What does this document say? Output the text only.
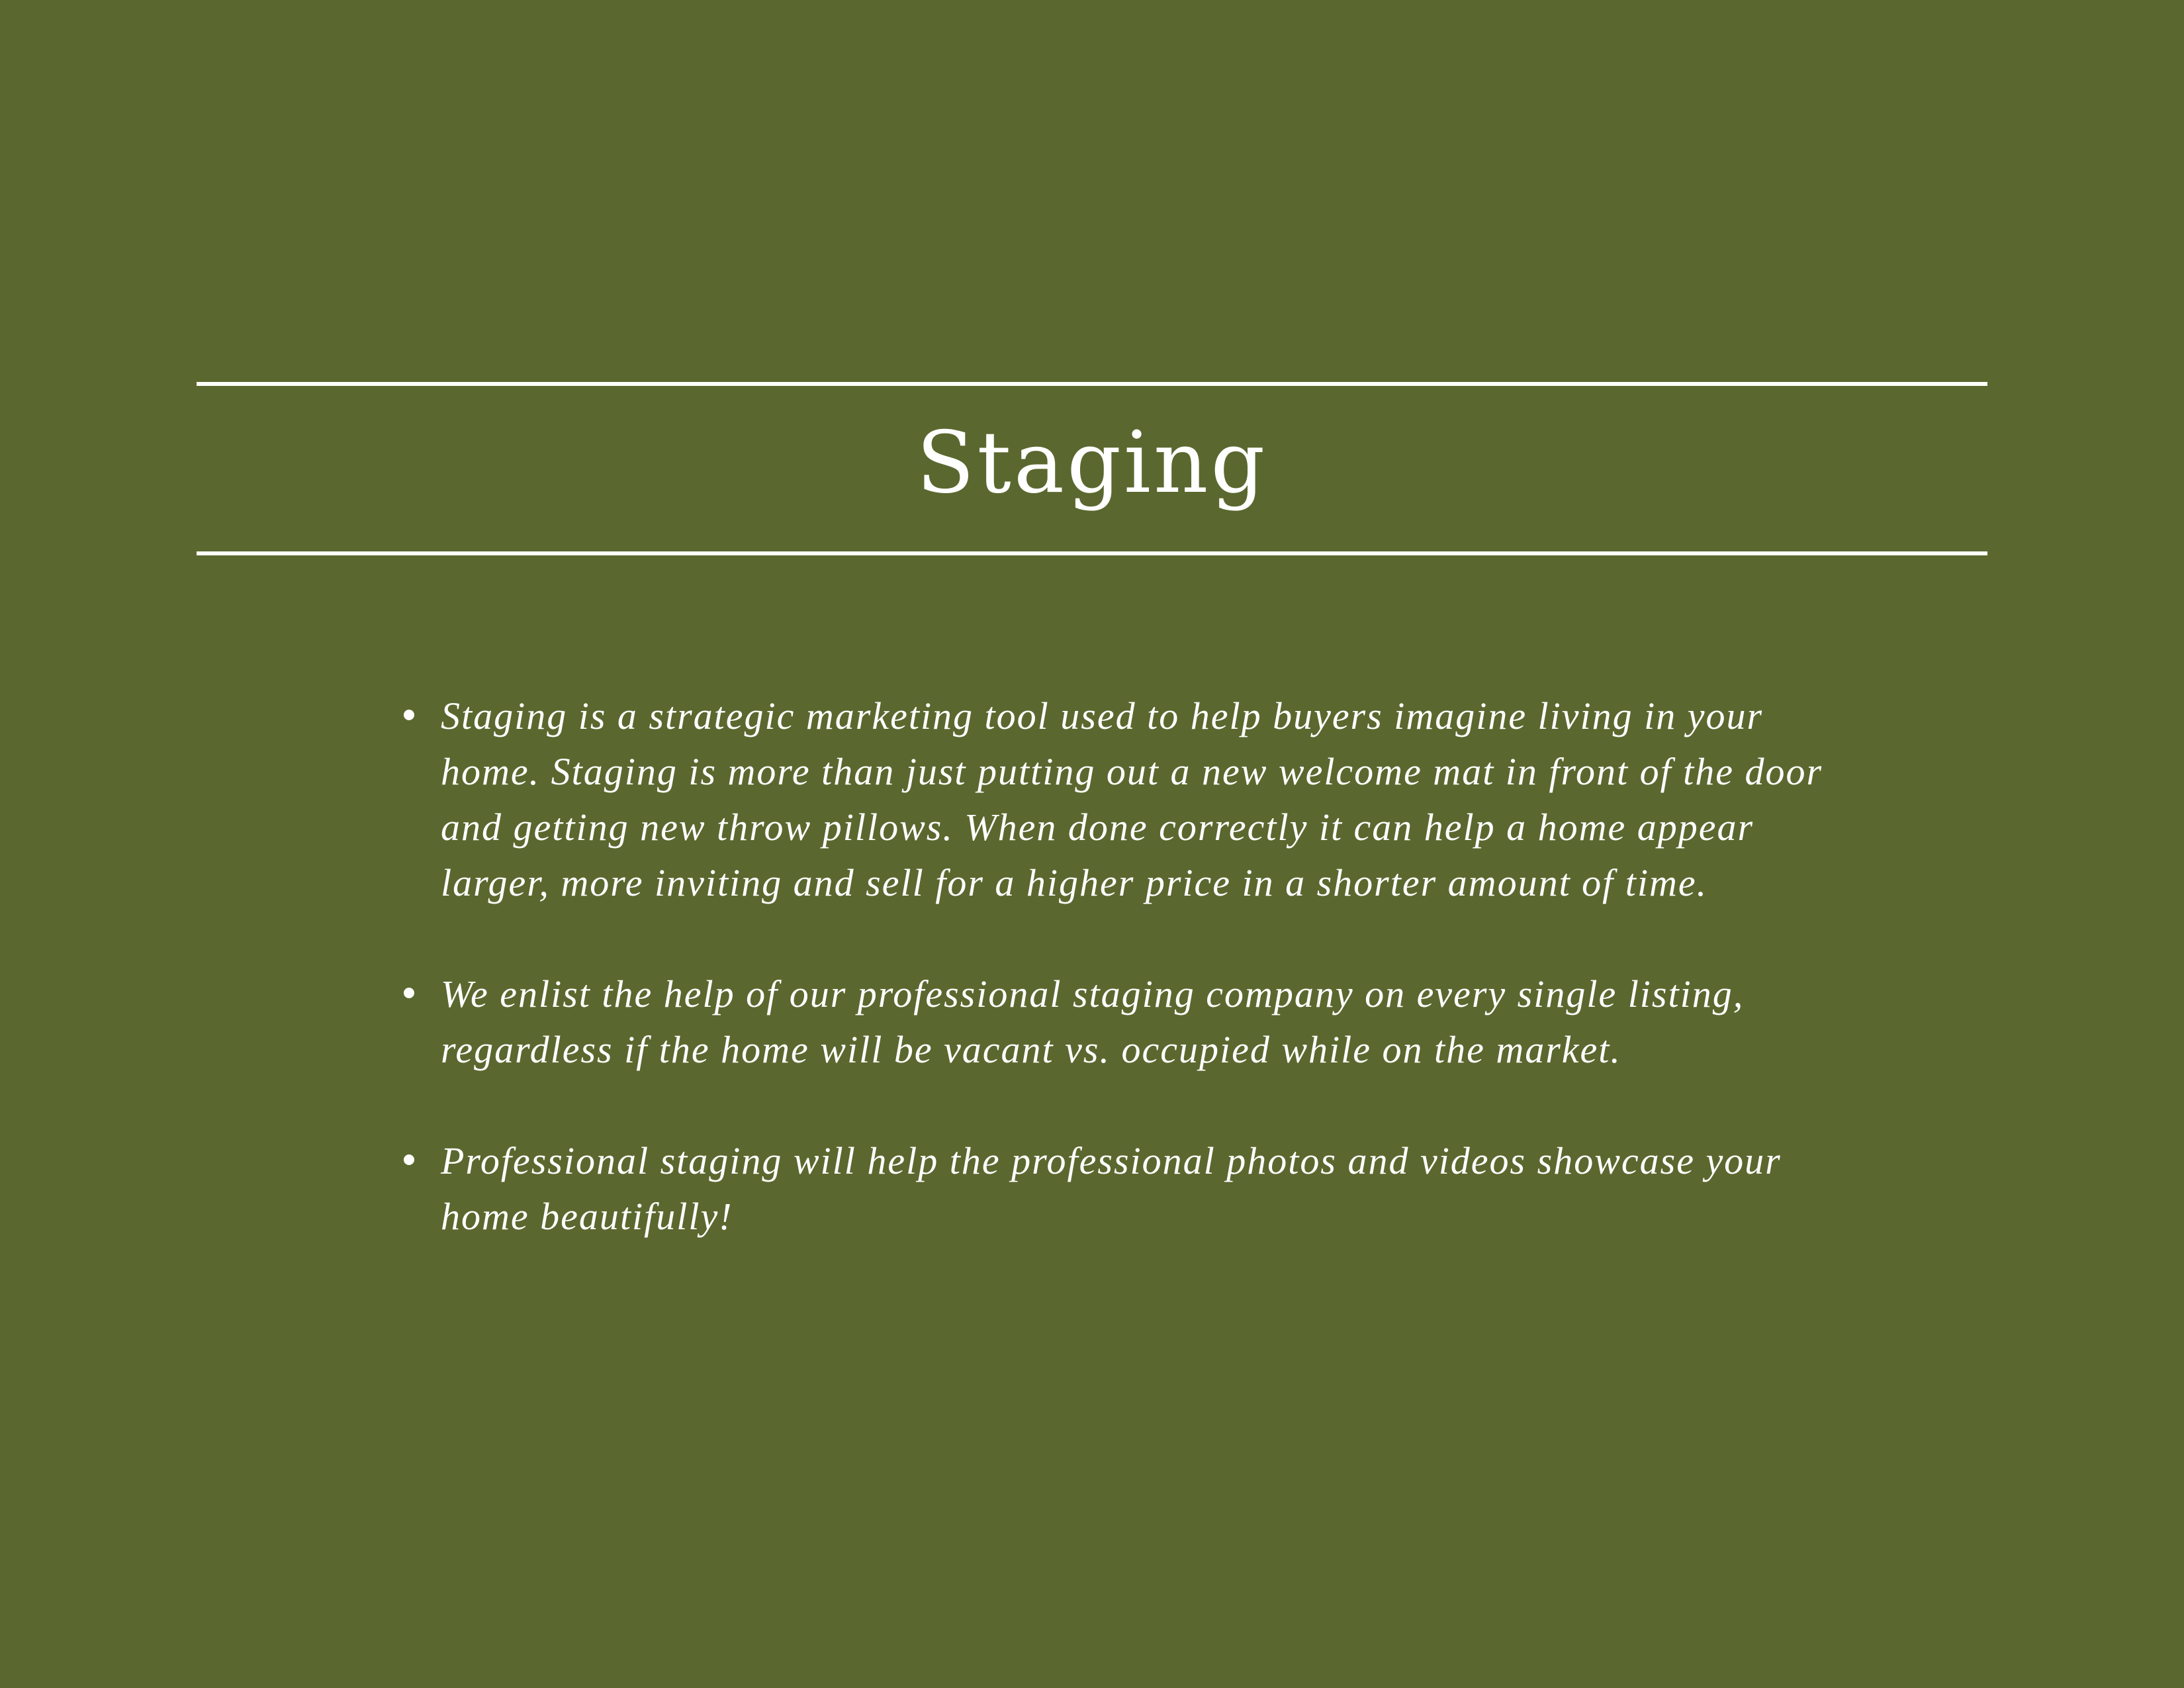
Staging
Staging is a strategic marketing tool used to help buyers imagine living in your home. Staging is more than just putting out a new welcome mat in front of the door and getting new throw pillows. When done correctly it can help a home appear larger, more inviting and sell for a higher price in a shorter amount of time.
We enlist the help of our professional staging company on every single listing, regardless if the home will be vacant vs. occupied while on the market.
Professional staging will help the professional photos and videos showcase your home beautifully!
